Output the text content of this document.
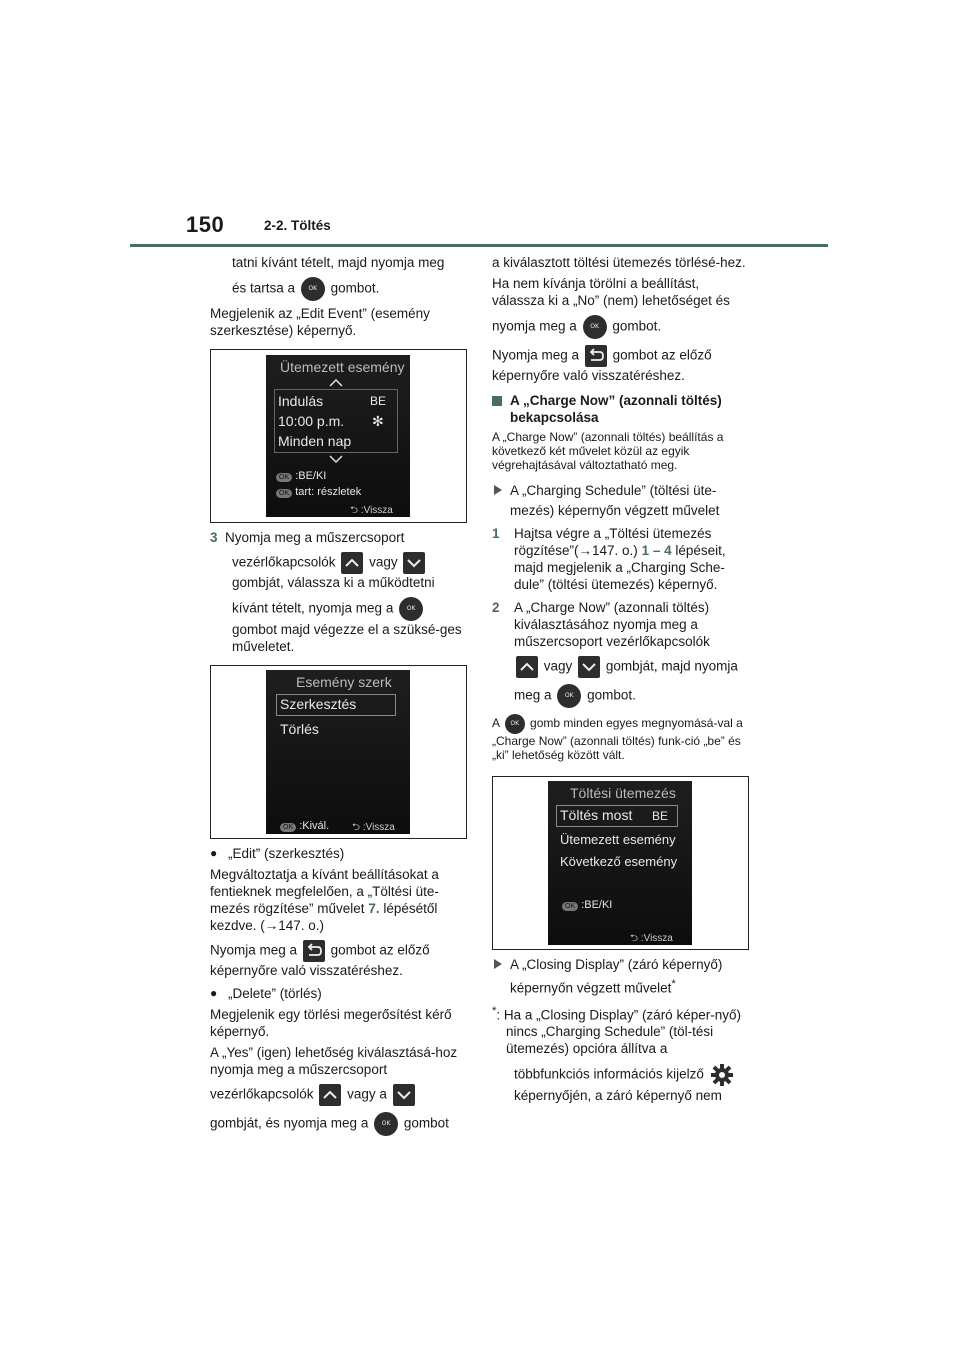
150	2-2. Töltés

tatni kívánt tételt, majd nyomja meg

és tartsa a OK gombot.

Megjelenik az „Edit Event” (esemény szerkesztése) képernyő.

Ütemezett esemény
Indulás	BE
10:00 p.m. ✻
Minden nap
OK :BE/KI
OK tart: részletek
⮌ :Vissza

3 Nyomja meg a műszercsoport

vezérlőkapcsolók vagy

gombját, válassza ki a működtetni

kívánt tételt, nyomja meg a OK

gombot majd végezze el a szüksé-ges műveletet.

Esemény szerk
Szerkesztés
Törlés
OK :Kivál. ⮌ :Vissza

● „Edit” (szerkesztés)

Megváltoztatja a kívánt beállításokat a fentieknek megfelelően, a „Töltési üte-mezés rögzítése” művelet 7. lépésétől kezdve. (→147. o.)

Nyomja meg a gombot az előző képernyőre való visszatéréshez.

● „Delete” (törlés)

Megjelenik egy törlési megerősítést kérő képernyő.

A „Yes” (igen) lehetőség kiválasztásá-hoz nyomja meg a műszercsoport

vezérlőkapcsolók vagy a

gombját, és nyomja meg a OK gombot

a kiválasztott töltési ütemezés törlésé-hez.

Ha nem kívánja törölni a beállítást, válassza ki a „No” (nem) lehetőséget és

nyomja meg a OK gombot.

Nyomja meg a gombot az előző képernyőre való visszatéréshez.

A „Charge Now” (azonnali töltés) bekapcsolása

A „Charge Now” (azonnali töltés) beállítás a következő két művelet közül az egyik végrehajtásával változtatható meg.

A „Charging Schedule” (töltési üte-

mezés) képernyőn végzett művelet

1 Hajtsa végre a „Töltési ütemezés rögzítése”(→147. o.) 1 – 4 lépéseit, majd megjelenik a „Charging Sche-dule” (töltési ütemezés) képernyő.

2 A „Charge Now” (azonnali töltés) kiválasztásához nyomja meg a műszercsoport vezérlőkapcsolók

vagy gombját, majd nyomja

meg a OK gombot.

A OK gomb minden egyes megnyomásá-val a „Charge Now” (azonnali töltés) funk-ció „be” és „ki” lehetőség között vált.

Töltési ütemezés
Töltés most BE
Ütemezett esemény
Következő esemény
OK :BE/KI
⮌ :Vissza

A „Closing Display” (záró képernyő)

képernyőn végzett művelet*

*: Ha a „Closing Display” (záró képer-nyő) nincs „Charging Schedule” (töl-tési ütemezés) opcióra állítva a

többfunkciós információs kijelző

képernyőjén, a záró képernyő nem
